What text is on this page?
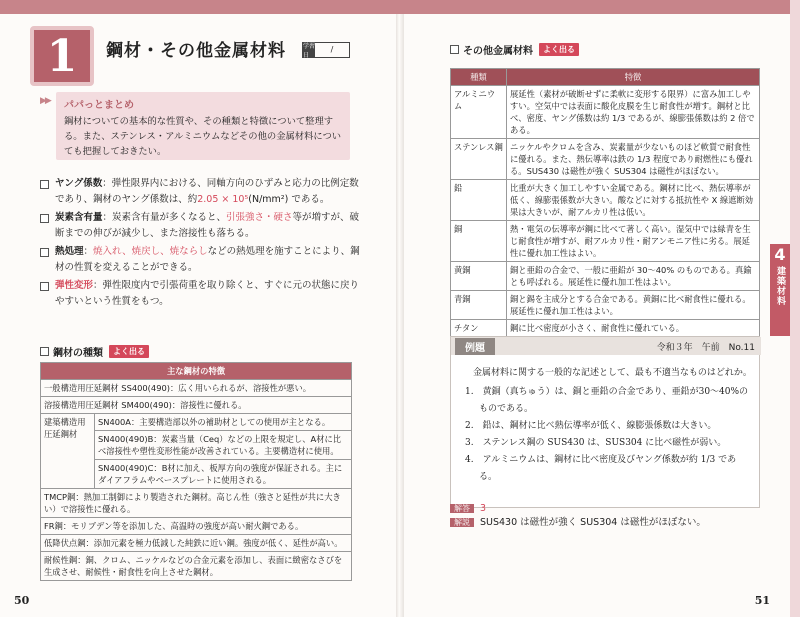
1	鋼材・その他金属材料	学習日
/
▶▶ パパっとまとめ
鋼材についての基本的な性質や、その種類と特徴について整理する。また、ステンレス・アルミニウムなどその他の金属材料についても把握しておきたい。
ヤング係数：弾性限界内における、同軸方向のひずみと応力の比例定数であり、鋼材のヤング係数は、約2.05 × 10⁵(N/mm²) である。
炭素含有量：炭素含有量が多くなると、引張強さ・硬さ等が増すが、破断までの伸びが減少し、また溶接性も落ちる。
熱処理：焼入れ、焼戻し、焼ならしなどの熱処理を施すことにより、鋼材の性質を変えることができる。
弾性変形：弾性限度内で引張荷重を取り除くと、すぐに元の状態に戻りやすいという性質をもつ。
鋼材の種類	よく出る
主な鋼材の特徴
一般構造用圧延鋼材 SS400(490)：広く用いられるが、溶接性が悪い。
溶接構造用圧延鋼材 SM400(490)：溶接性に優れる。
建築構造用圧延鋼材	SN400A：主要構造部以外の補助材としての使用が主となる。
SN400(490)B：炭素当量（Ceq）などの上限を規定し、A材に比べ溶接性や塑性変形性能が改善されている。主要構造材に使用。
SN400(490)C：B材に加え、板厚方向の強度が保証される。主にダイアフラムやベースプレートに使用される。
TMCP鋼：熱加工制御により製造された鋼材。高じん性（強さと延性が共に大きい）で溶接性に優れる。
FR鋼：モリブデン等を添加した、高温時の強度が高い耐火鋼である。
低降伏点鋼：添加元素を極力低減した純鉄に近い鋼。強度が低く、延性が高い。
耐候性鋼：銅、クロム、ニッケルなどの合金元素を添加し、表面に緻密なさびを生成させ、耐候性・耐食性を向上させた鋼材。
50
その他金属材料	よく出る
種類	特徴
アルミニウム	展延性（素材が破断せずに柔軟に変形する限界）に富み加工しやすい。空気中では表面に酸化皮膜を生じ耐食性が増す。鋼材と比べ、密度、ヤング係数は約 1/3 であるが、線膨張係数は約 2 倍である。
ステンレス鋼	ニッケルやクロムを含み、炭素量が少ないものほど軟質で耐食性に優れる。また、熱伝導率は鉄の 1/3 程度であり耐燃性にも優れる。SUS430 は磁性が強く SUS304 は磁性がほぼない。
鉛	比重が大きく加工しやすい金属である。鋼材に比べ、熱伝導率が低く、線膨張係数が大きい。酸などに対する抵抗性や X 線遮断効果は大きいが、耐アルカリ性は低い。
銅	熱・電気の伝導率が鋼に比べて著しく高い。湿気中では緑青を生じ耐食性が増すが、耐アルカリ性・耐アンモニア性に劣る。展延性に優れ加工性はよい。
黄銅	銅と亜鉛の合金で、一般に亜鉛が 30〜40% のものである。真鍮とも呼ばれる。展延性に優れ加工性はよい。
青銅	銅と錫を主成分とする合金である。黄銅に比べ耐食性に優れる。展延性に優れ加工性はよい。
チタン	鋼に比べ密度が小さく、耐食性に優れている。
例題	令和３年　午前　No.11
金属材料に関する一般的な記述として、最も不適当なものはどれか。
1.　黄銅（真ちゅう）は、銅と亜鉛の合金であり、亜鉛が30〜40%のものである。
2.　鉛は、鋼材に比べ熱伝導率が低く、線膨張係数は大きい。
3.　ステンレス鋼の SUS430 は、SUS304 に比べ磁性が弱い。
4.　アルミニウムは、鋼材に比べ密度及びヤング係数が約 1/3 である。
解答 3
解説 SUS430 は磁性が強く SUS304 は磁性がほぼない。
51
4
建築材料
